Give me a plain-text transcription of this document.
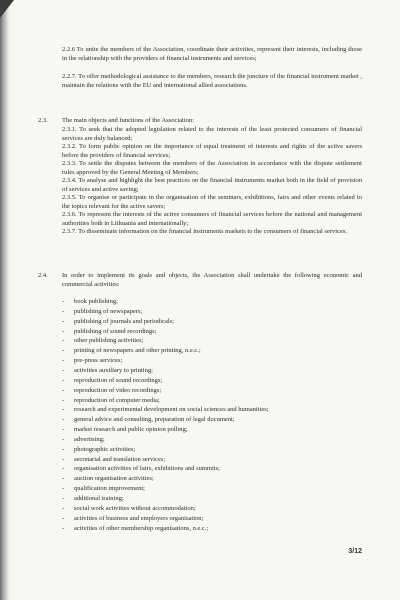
2.2.6 To unite the members of the Association, coordinate their activities, represent their interests, including those in the relationship with the providers of financial instruments and services;
2.2.7. To offer methodological assistance to the members, research the juncture of the financial instrument market , maintain the relations with the EU and international allied associations.
2.3. The main objects and functions of the Association:
2.3.1. To seek that the adopted legislation related to the interests of the least protected consumers of financial services are duly balanced;
2.3.2. To form public opinion on the importance of equal treatment of interests and rights of the active savers before the providers of financial services;
2.3.3. To settle the disputes between the members of the Association in accordance with the dispute settlement rules approved by the General Meeting of Members;
2.3.4. To analyse and highlight the best practices on the financial instruments market both in the field of provision of services and active saving;
2.3.5. To organise or participate in the organisation of the seminars, exhibitions, fairs and other events related to the topics relevant for the active savers;
2.3.6. To represent the interests of the active consumers of financial services before the national and management authorities both in Lithuania and internationally;
2.3.7. To disseminate information on the financial instruments markets to the consumers of financial services.
2.4. In order to implement its goals and objects, the Association shall undertake the following economic and commercial activities:
- book publishing;
- publishing of newspapers;
- publishing of journals and periodicals;
- publishing of sound recordings;
- other publishing activities;
- printing of newspapers and other printing, n.e.c.;
- pre-press services;
- activities auxiliary to printing;
- reproduction of sound recordings;
- reproduction of video recordings;
- reproduction of computer media;
- research and experimental development on social sciences and humanities;
- general advice and consulting, preparation of legal document;
- market research and public opinion polling;
- advertising;
- photographic activities;
- secretarial and translation services;
- organisation activities of fairs, exhibitions and summits;
- auction organisation activities;
- qualification improvement;
- additional training;
- social work activities without accommodation;
- activities of business and employers organisation;
- activities of other membership organisations, n.e.c.;
3/12
